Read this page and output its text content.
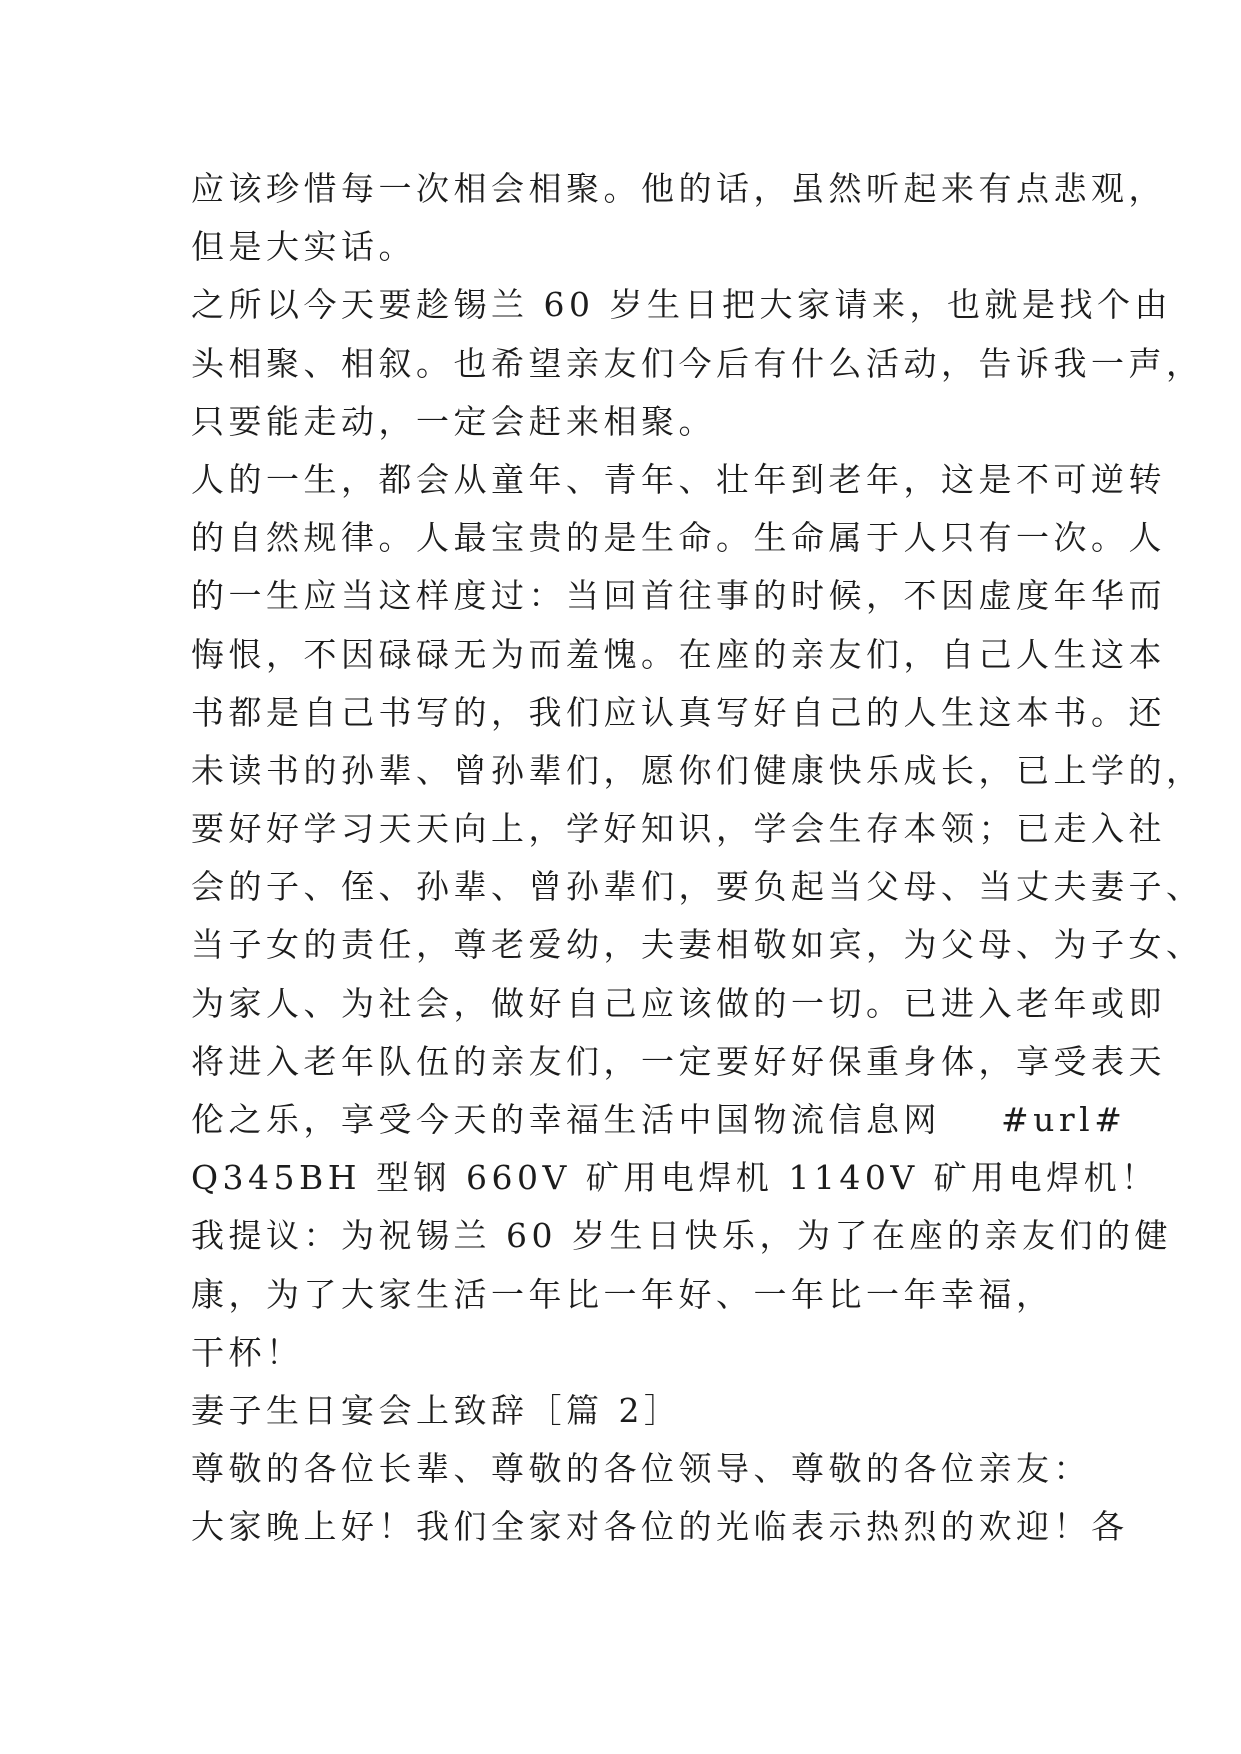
应该珍惜每一次相会相聚。他的话，虽然听起来有点悲观，
但是大实话。
之所以今天要趁锡兰 60 岁生日把大家请来，也就是找个由
头相聚、相叙。也希望亲友们今后有什么活动，告诉我一声，
只要能走动，一定会赶来相聚。
人的一生，都会从童年、青年、壮年到老年，这是不可逆转
的自然规律。人最宝贵的是生命。生命属于人只有一次。人
的一生应当这样度过：当回首往事的时候，不因虚度年华而
悔恨，不因碌碌无为而羞愧。在座的亲友们，自己人生这本
书都是自己书写的，我们应认真写好自己的人生这本书。还
未读书的孙辈、曾孙辈们，愿你们健康快乐成长，已上学的，
要好好学习天天向上，学好知识，学会生存本领；已走入社
会的子、侄、孙辈、曾孙辈们，要负起当父母、当丈夫妻子、
当子女的责任，尊老爱幼，夫妻相敬如宾，为父母、为子女、
为家人、为社会，做好自己应该做的一切。已进入老年或即
将进入老年队伍的亲友们，一定要好好保重身体，享受表天
伦之乐，享受今天的幸福生活中国物流信息网    #url#
Q345BH 型钢 660V 矿用电焊机 1140V 矿用电焊机！
我提议：为祝锡兰 60 岁生日快乐，为了在座的亲友们的健
康，为了大家生活一年比一年好、一年比一年幸福，
干杯！
妻子生日宴会上致辞［篇 2］
尊敬的各位长辈、尊敬的各位领导、尊敬的各位亲友：
大家晚上好！我们全家对各位的光临表示热烈的欢迎！各
